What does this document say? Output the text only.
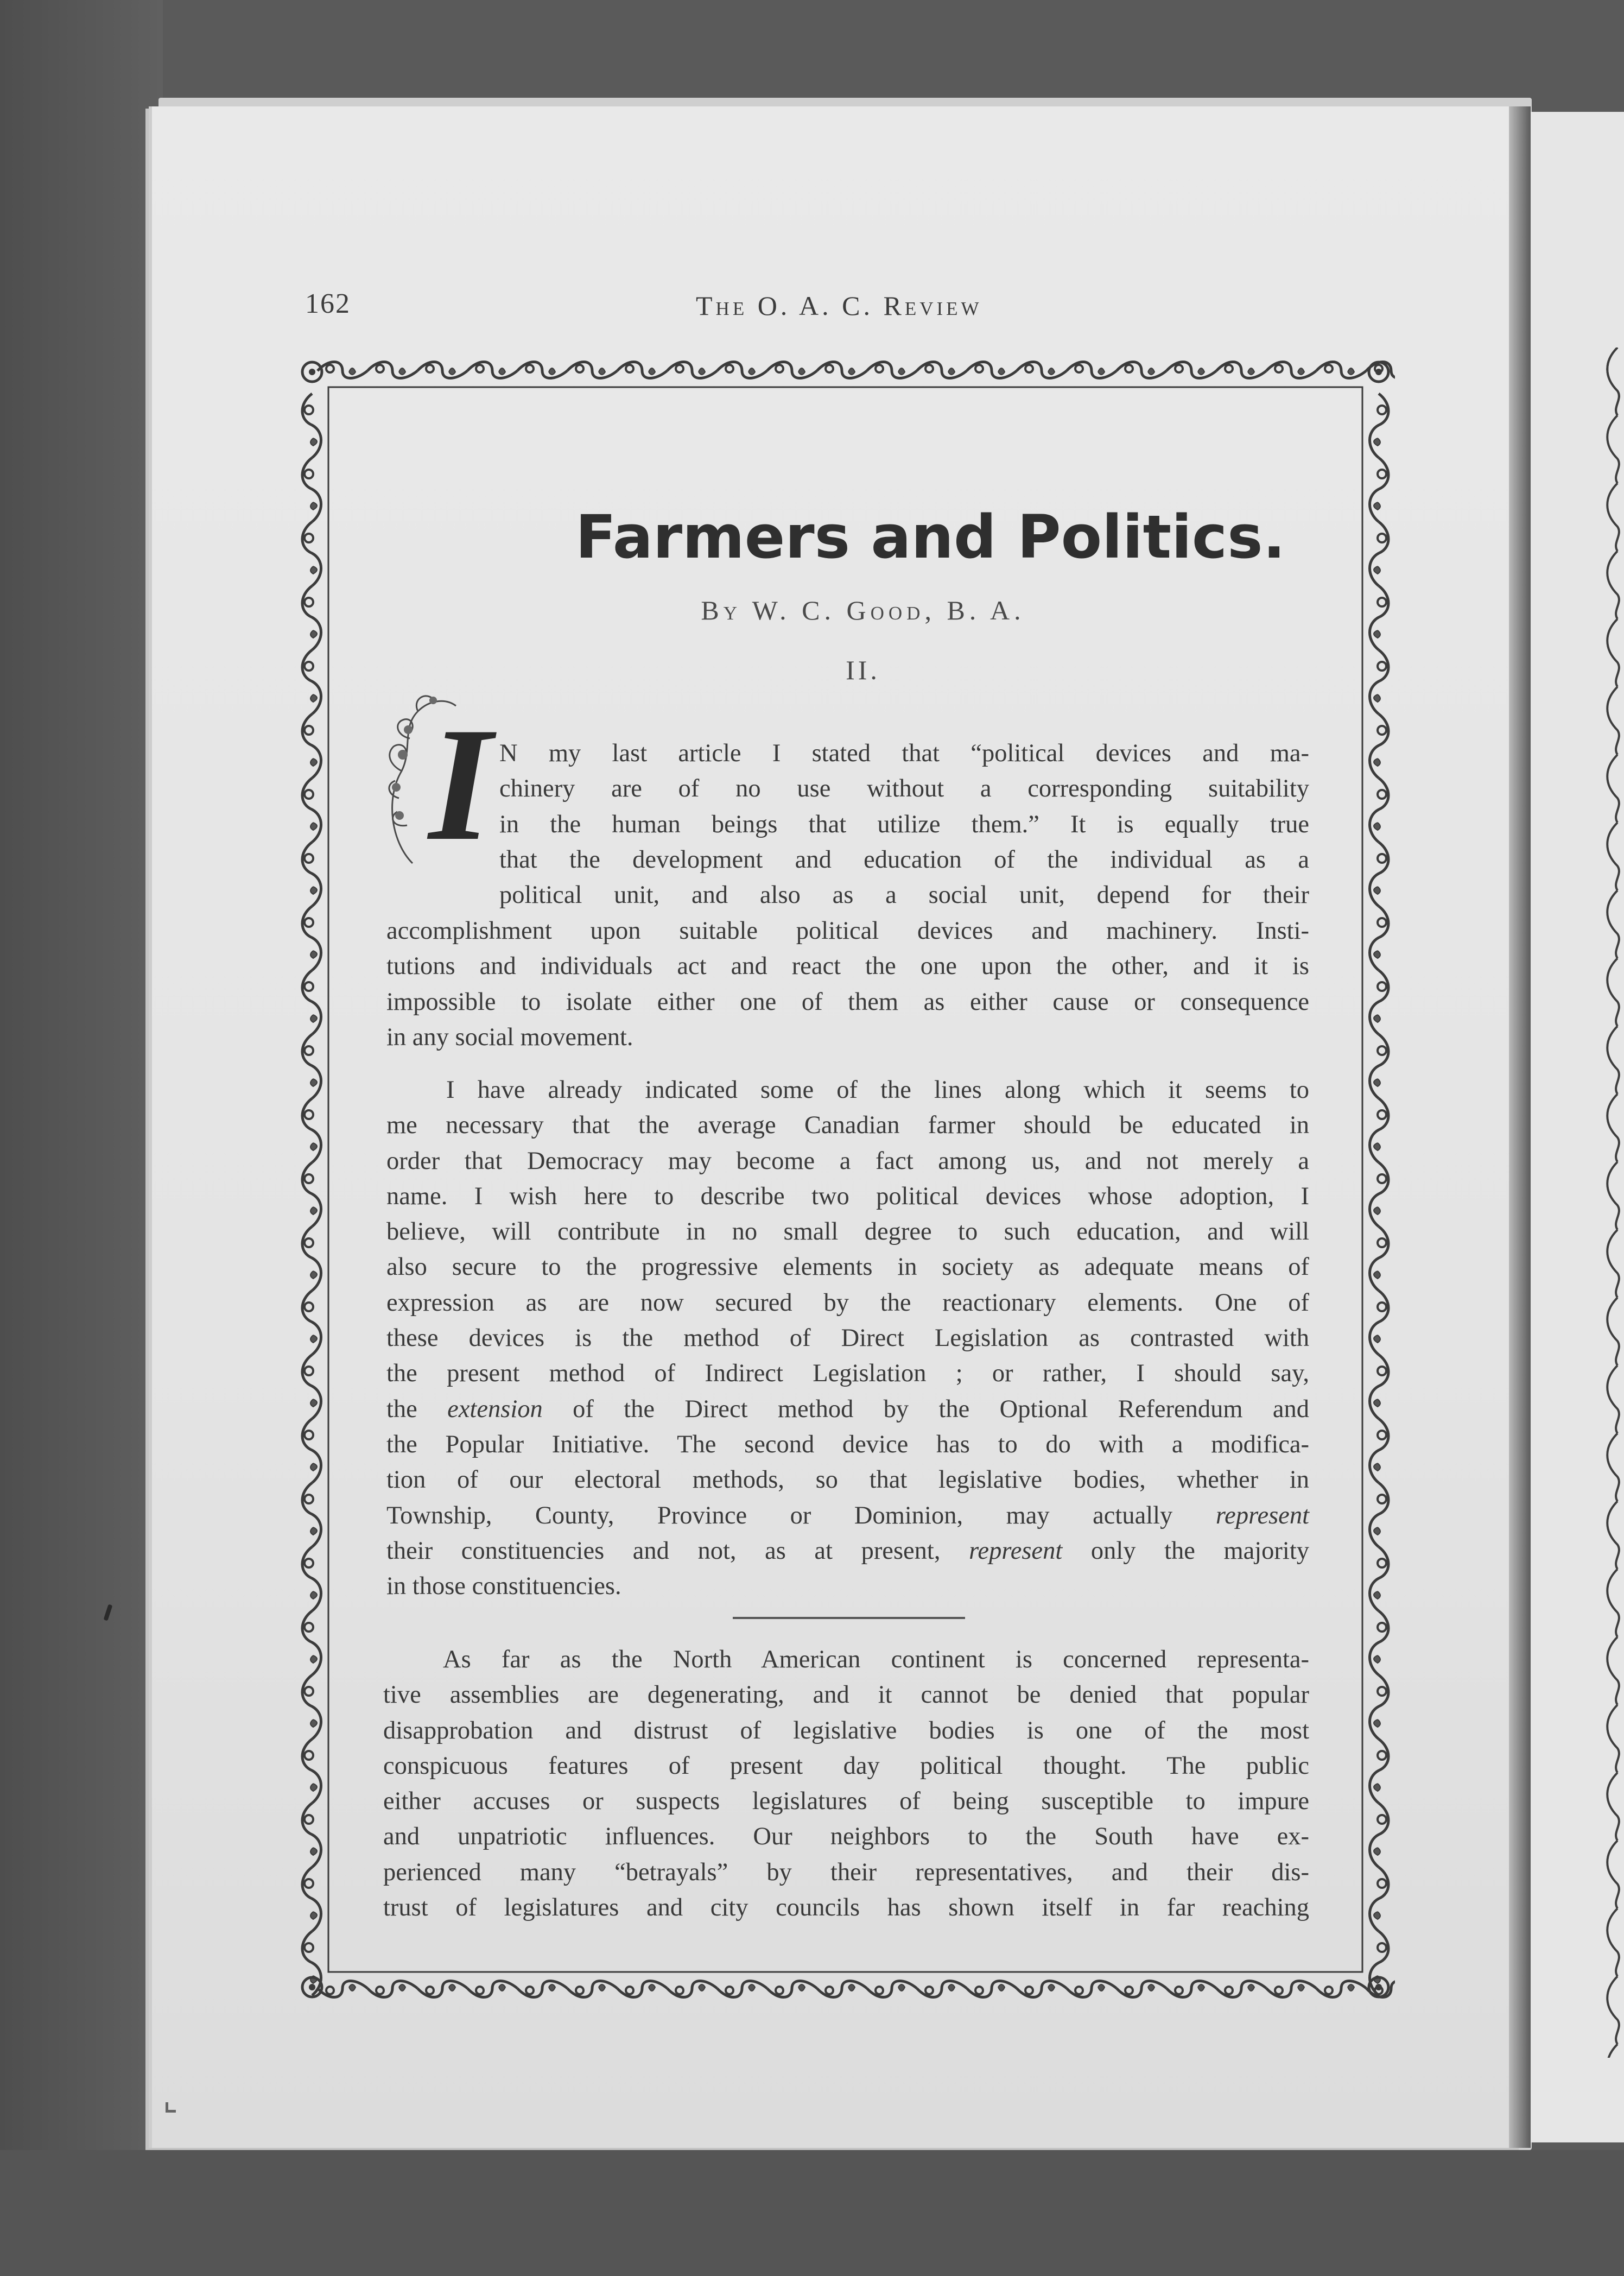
162	The O. A. C. Review
Farmers and Politics.
By W. C. Good, B. A.
II.
I N my last article I stated that “political devices and ma-
chinery are of no use without a corresponding suitability
in the human beings that utilize them.” It is equally true
that the development and education of the individual as a
political unit, and also as a social unit, depend for their
accomplishment upon suitable political devices and machinery. Insti-
tutions and individuals act and react the one upon the other, and it is
impossible to isolate either one of them as either cause or consequence
in any social movement.
I have already indicated some of the lines along which it seems to
me necessary that the average Canadian farmer should be educated in
order that Democracy may become a fact among us, and not merely a
name. I wish here to describe two political devices whose adoption, I
believe, will contribute in no small degree to such education, and will
also secure to the progressive elements in society as adequate means of
expression as are now secured by the reactionary elements. One of
these devices is the method of Direct Legislation as contrasted with
the present method of Indirect Legislation ; or rather, I should say,
the extension of the Direct method by the Optional Referendum and
the Popular Initiative. The second device has to do with a modifica-
tion of our electoral methods, so that legislative bodies, whether in
Township, County, Province or Dominion, may actually represent
their constituencies and not, as at present, represent only the majority
in those constituencies.
As far as the North American continent is concerned representa-
tive assemblies are degenerating, and it cannot be denied that popular
disapprobation and distrust of legislative bodies is one of the most
conspicuous features of present day political thought. The public
either accuses or suspects legislatures of being susceptible to impure
and unpatriotic influences. Our neighbors to the South have ex-
perienced many “betrayals” by their representatives, and their dis-
trust of legislatures and city councils has shown itself in far reaching
